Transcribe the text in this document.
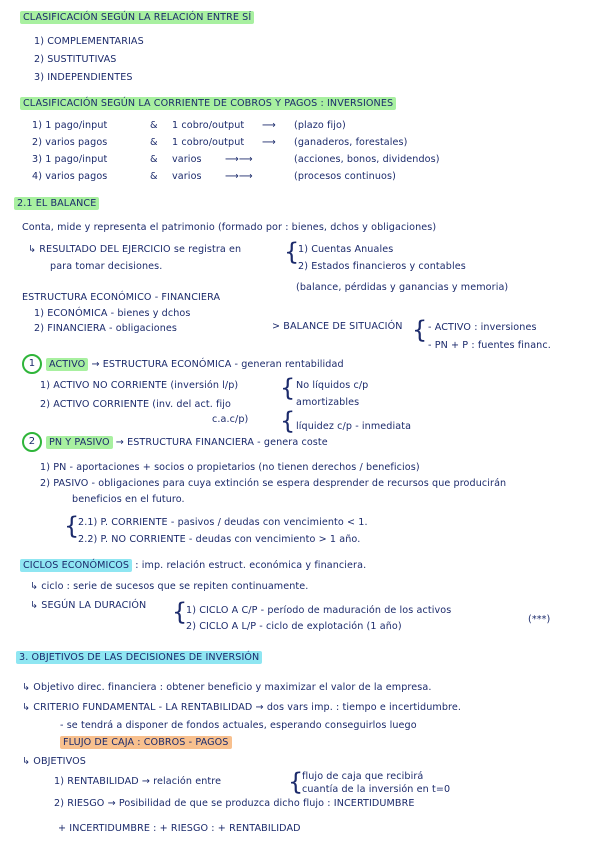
CLASIFICACIÓN SEGÚN LA RELACIÓN ENTRE SÍ
1) COMPLEMENTARIAS
2) SUSTITUTIVAS
3) INDEPENDIENTES
CLASIFICACIÓN SEGÚN LA CORRIENTE DE COBROS Y PAGOS : INVERSIONES
1) 1 pago/input	& 1 cobro/output ⟶ (plazo fijo)
2) varios pagos	& 1 cobro/output ⟶ (ganaderos, forestales)
3) 1 pago/input	& varios ⟶⟶	(acciones, bonos, dividendos)
4) varios pagos	& varios ⟶⟶	(procesos continuos)
2.1 EL BALANCE
Conta, mide y representa el patrimonio (formado por : bienes, dchos y obligaciones)
↳ RESULTADO DEL EJERCICIO se registra en
para tomar decisiones.
{
1) Cuentas Anuales
2) Estados financieros y contables
(balance, pérdidas y ganancias y memoria)
ESTRUCTURA ECONÓMICO - FINANCIERA
1) ECONÓMICA - bienes y dchos
2) FINANCIERA - obligaciones	> BALANCE DE SITUACIÓN { - ACTIVO : inversiones
- PN + P : fuentes financ.
1 ACTIVO → ESTRUCTURA ECONÓMICA - generan rentabilidad
1) ACTIVO NO CORRIENTE (inversión l/p)
2) ACTIVO CORRIENTE (inv. del act. fijo
c.a.c/p)
{ No líquidos c/p
amortizables
{ líquidez c/p - inmediata
2 PN Y PASIVO → ESTRUCTURA FINANCIERA - genera coste
1) PN - aportaciones + socios o propietarios (no tienen derechos / beneficios)
2) PASIVO - obligaciones para cuya extinción se espera desprender de recursos que producirán
beneficios en el futuro.
{
2.1) P. CORRIENTE - pasivos / deudas con vencimiento < 1.
2.2) P. NO CORRIENTE - deudas con vencimiento > 1 año.
CICLOS ECONÓMICOS : imp. relación estruct. económica y financiera.
↳ ciclo : serie de sucesos que se repiten continuamente.
↳ SEGÚN LA DURACIÓN {
1) CICLO A C/P - período de maduración de los activos
2) CICLO A L/P - ciclo de explotación (1 año)
(***)
3. OBJETIVOS DE LAS DECISIONES DE INVERSIÓN
↳ Objetivo direc. financiera : obtener beneficio y maximizar el valor de la empresa.
↳ CRITERIO FUNDAMENTAL - LA RENTABILIDAD → dos vars imp. : tiempo e incertidumbre.
- se tendrá a disponer de fondos actuales, esperando conseguirlos luego
FLUJO DE CAJA : COBROS - PAGOS
↳ OBJETIVOS
1) RENTABILIDAD → relación entre	{
flujo de caja que recibirá
cuantía de la inversión en t=0
2) RIESGO → Posibilidad de que se produzca dicho flujo : INCERTIDUMBRE
+ INCERTIDUMBRE : + RIESGO : + RENTABILIDAD
